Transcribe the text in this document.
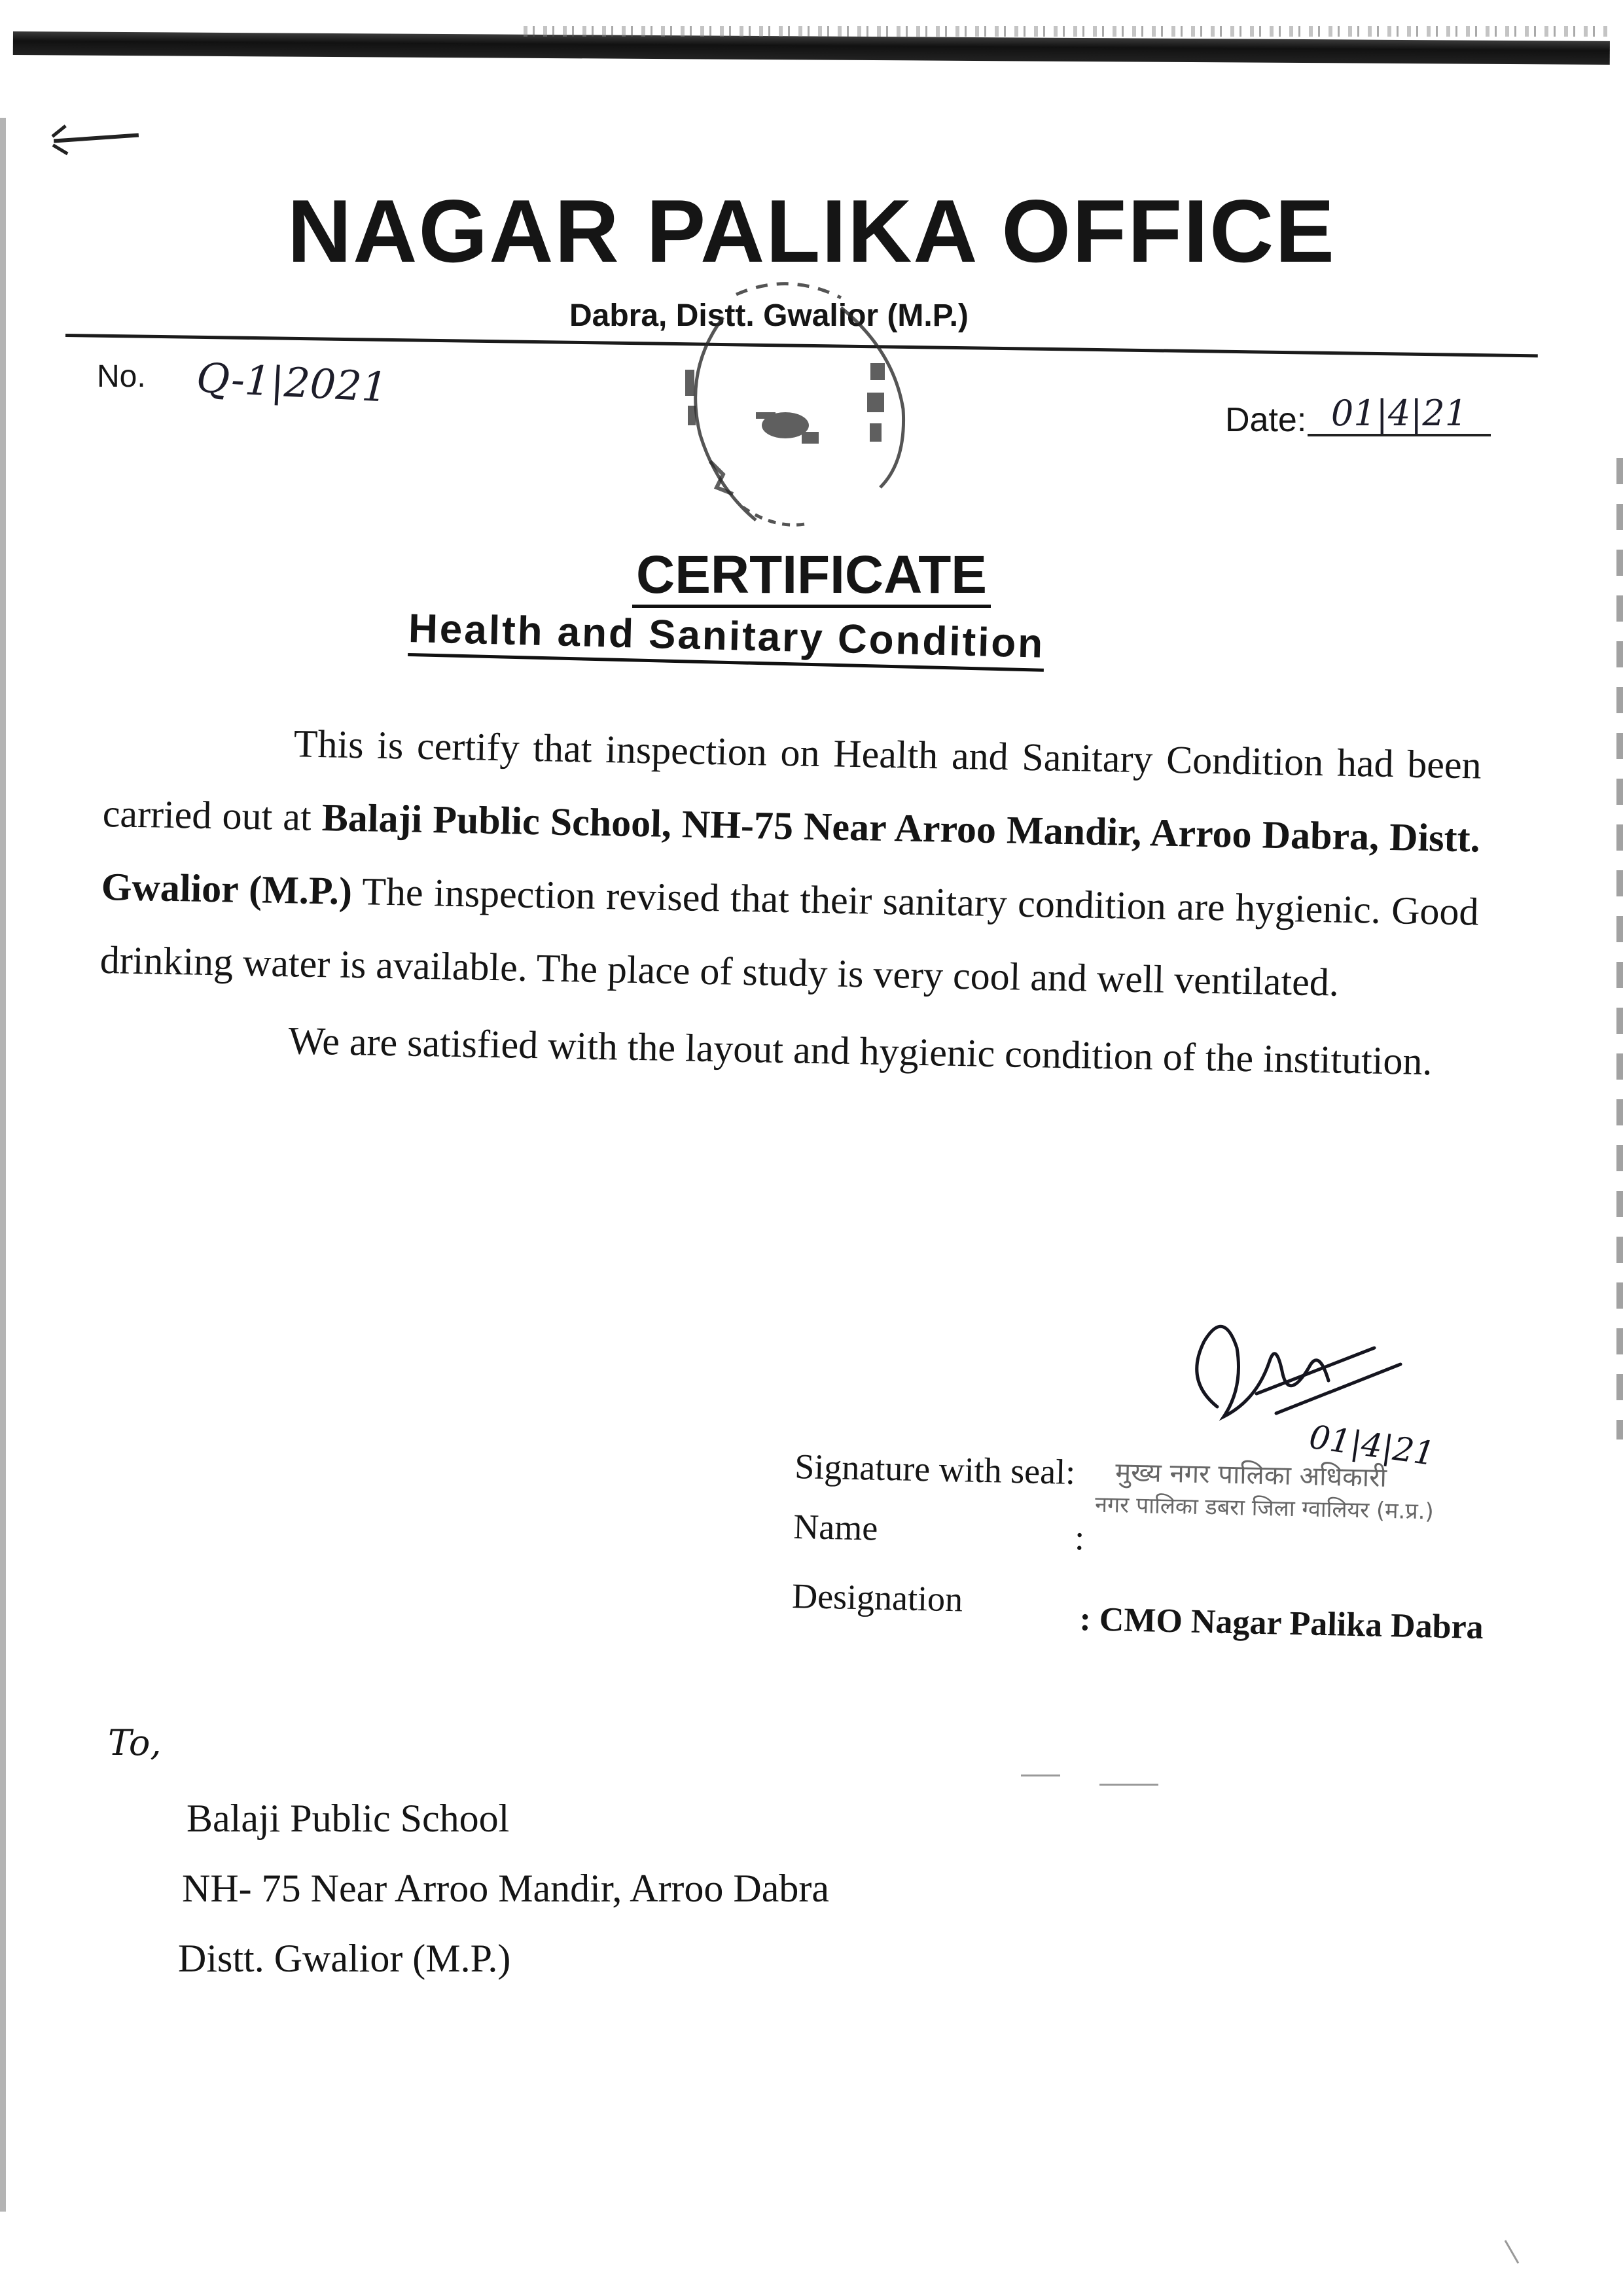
NAGAR PALIKA OFFICE
Dabra, Distt. Gwalior (M.P.)
No. Q-1|2021
Date: 01|4|21
CERTIFICATE
Health and Sanitary Condition

This is certify that inspection on Health and Sanitary Condition had been carried out at Balaji Public School, NH-75 Near Arroo Mandir, Arroo Dabra, Distt. Gwalior (M.P.) The inspection revised that their sanitary condition are hygienic. Good drinking water is available. The place of study is very cool and well ventilated.

We are satisfied with the layout and hygienic condition of the institution.

01|4|21
Signature with seal: मुख्य नगर पालिका अधिकारी
नगर पालिका डबरा जिला ग्वालियर (म.प्र.)
Name	:
Designation
: CMO Nagar Palika Dabra
To,
Balaji Public School
NH- 75 Near Arroo Mandir, Arroo Dabra
Distt. Gwalior (M.P.)
